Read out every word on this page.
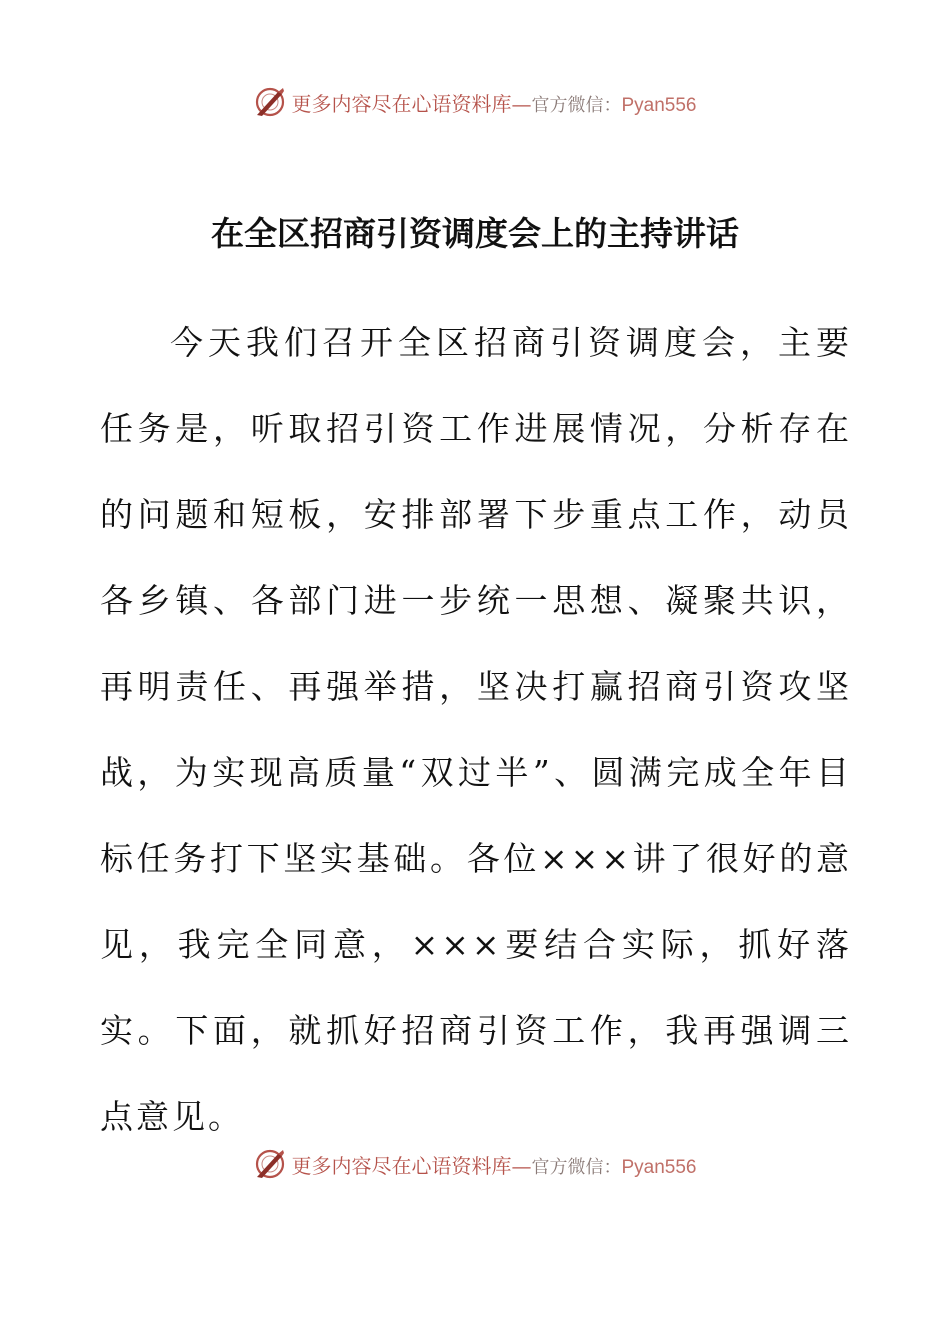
更多内容尽在心语资料库—官方微信：Pyan556
在全区招商引资调度会上的主持讲话

今天我们召开全区招商引资调度会，主要任务是，听取招引资工作进展情况，分析存在的问题和短板，安排部署下步重点工作，动员各乡镇、各部门进一步统一思想、凝聚共识，再明责任、再强举措，坚决打赢招商引资攻坚战，为实现高质量“双过半”、圆满完成全年目标任务打下坚实基础。各位×××讲了很好的意见，我完全同意，×××要结合实际，抓好落实。下面，就抓好招商引资工作，我再强调三点意见。

更多内容尽在心语资料库—官方微信：Pyan556
